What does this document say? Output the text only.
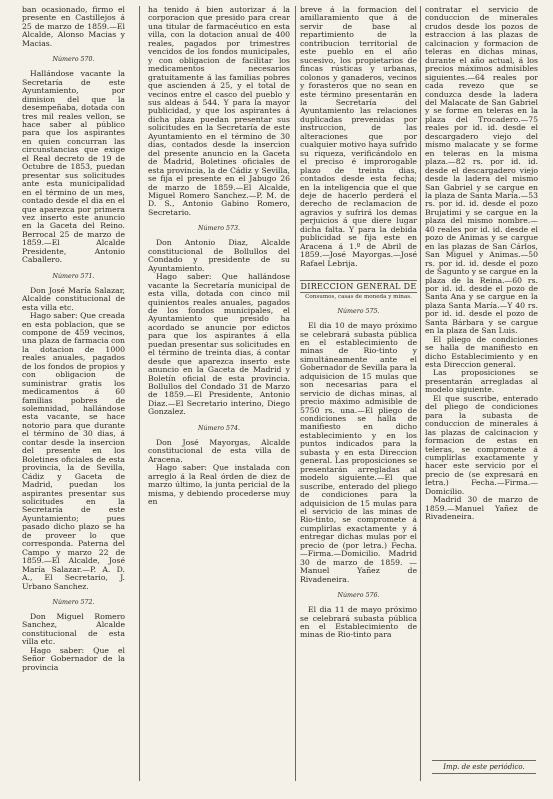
ban ocasionado, firmo el presente en Castillejos á 25 de marzo de 1859.—El Alcalde, Alonso Macias y Macias.

Número 570.

Hallándose vacante la Secretaría de este Ayuntamiento, por dimision del que la desempeñaba, dotada con tres mil reales vellon, se hace saber al público para que los aspirantes en quien concurran las circunstancias que exige el Real decreto de 19 de Octubre de 1853, puedan presentar sus solicitudes ante esta municipalidad en el término de un mes, contado desde el dia en el que aparezca por primera vez inserto este anuncio en la Gaceta del Reino. Berrocal 25 de marzo de 1859.—El Alcalde Presidente, Antonio Caballero.

Número 571.

Don José María Salazar, Alcalde constitucional de esta villa etc.

Hago saber: Que creada en esta poblacion, que se compone de 459 vecinos, una plaza de farmacia con la dotacion de 1000 reales anuales, pagados de los fondos de propios y con obligacion de suministrar gratis los medicamentos á 60 familias pobres de solemnidad, hallándose esta vacante, se hace notorio para que durante el término de 30 dias, á contar desde la insercion del presente en los Boletines oficiales de esta provincia, la de Sevilla, Cádiz y Gaceta de Madrid, puedan los aspirantes presentar sus solicitudes en la Secretaría de este Ayuntamiento; pues pasado dicho plazo se ha de proveer lo que corresponda. Paterna del Campo y marzo 22 de 1859.—El Alcalde, José María Salazar.—P. A. D. A., El Secretario, J. Urbano Sanchez.

Número 572.

Don Miguel Romero Sanchez, Alcalde constitucional de esta villa etc.

Hago saber: Que el Señor Gobernador de la provincia

ha tenido á bien autorizar á la corporacion que presido para crear una titular de farmacéutico en esta villa, con la dotacion anual de 400 reales, pagados por trimestres vencidos de los fondos municipales, y con obligacion de facilitar los medicamentos necesarios gratuitamente á las familias pobres que ascienden á 25, y el total de vecinos entre el casco del pueblo y sus aldeas á 544. Y para la mayor publicidad, y que los aspirantes á dicha plaza puedan presentar sus solicitudes en la Secretaría de este Ayuntamiento en el término de 30 dias, contados desde la insercion del presente anuncio en la Gaceta de Madrid, Boletines oficiales de esta provincia, la de Cádiz y Sevilla, se fija el presente en el Jabugo 26 de marzo de 1859.—El Alcalde, Miguel Romero Sanchez.—P. M. de D. S., Antonio Gabino Romero, Secretario.

Número 573.

Don Antonio Diaz, Alcalde constitucional de Bollullos del Condado y presidente de su Ayuntamiento.

Hago saber: Que hallándose vacante la Secretaría municipal de esta villa, dotada con cinco mil quinientos reales anuales, pagados de los fondos municipales, el Ayuntamiento que presido ha acordado se anuncie por edictos para que los aspirantes á ella puedan presentar sus solicitudes en el término de treinta dias, á contar desde que aparezca inserto este anuncio en la Gaceta de Madrid y Boletín oficial de esta provincia. Bollullos del Condado 31 de Marzo de 1859.—El Presidente, Antonio Diaz.—El Secretario interino, Diego Gonzalez.

Número 574.

Don José Mayorgas, Alcalde constitucional de esta villa de Aracena.

Hago saber: Que instalada con arreglo á la Real órden de diez de marzo último, la junta pericial de la misma, y debiendo procederse muy en

breve á la formacion del amillaramiento que á de servir de base al repartimiento de la contribucion territorial de este pueblo en el año sucesivo, los propietarios de fincas rústicas y urbanas, colonos y ganaderos, vecinos y forasteros que no sean en este término presentarán en la Secretaría del Ayuntamiento las relaciones duplicadas prevenidas por instruccion, de las alteraciones que por cualquier motivo haya sufrido su riqueza, verificándolo en el preciso é improrogable plazo de treinta dias, contados desde esta fecha; en la inteligencia que el que deje de hacerlo perderá el derecho de reclamacion de agravios y sufrirá los demas perjuicios á que diere lugar dicha falta. Y para la debida publicidad se fija este en Aracena á 1.º de Abril de 1859.—José Mayorgas.—José Rafael Lebrija.

DIRECCION GENERAL DE
Consumos, casas de moneda y minas.
Número 575.

El dia 10 de mayo próximo se celebrará subasta pública en el establecimiento de minas de Rio-tinto y simultáneamente ante el Gobernador de Sevilla para la adquisicion de 15 mulas que son necesarias para el servicio de dichas minas, al precio máximo admisible de 5750 rs. una.—El pliego de condiciones se halla de manifiesto en dicho establecimiento y en los puntos indicados para la subasta y en esta Direccion general. Las proposiciones se presentarán arregladas al modelo siguiente.—El que suscribe, enterado del pliego de condiciones para la adquisicion de 15 mulas para el servicio de las minas de Rio-tinto, se compromete á cumplirlas exactamente y á entregar dichas mulas por el precio de (por letra.) Fecha.—Firma.—Domicilio. Madrid 30 de marzo de 1859. —Manuel Yañez de Rivadeneira.

Número 576.

El dia 11 de mayo próximo se celebrará subasta pública en el Establecimiento de minas de Rio-tinto para

contratar el servicio de conduccion de minerales crudos desde los pozos de estraccion á las plazas de calcinacion y formacion de teleras en dichas minas, durante el año actual, á los precios máximos admisibles siguientes.—64 reales por cada revezo que se conduzca desde la ladera del Malacate de San Gabriel y se forme en teleras en la plaza del Trocadero.—75 reales por id. id. desde el descargadero viejo del mismo malacate y se forme en teleras en la misma plaza.—82 rs. por id. id. desde el descargadero viejo desde la ladera del mismo San Gabriel y se cargue en la plaza de Santa María.—53 rs. por id. id. desde el pozo Brujatimi y se cargue en la plaza del mismo nombre.—40 reales por id. id. desde el pozo de Animas y se cargue en las plazas de San Cárlos, San Miguel y Animas.—50 rs. por id. id. desde el pozo de Sagunto y se cargue en la plaza de la Reina.—60 rs. por id. id. desde el pozo de Santa Ana y se cargue en la plaza Santa María.—Y 40 rs. por id. id. desde el pozo de Santa Bárbara y se cargue en la plaza de San Luis.

El pliego de condiciones se halla de manifiesto en dicho Establecimiento y en esta Direccion general.

Las proposiciones se presentarán arregladas al modelo siguiente.

El que suscribe, enterado del pliego de condiciones para la subasta de conduccion de minerales á las plazas de calcinacion y formacion de estas en teleras, se compromete á cumplirlas exactamente y hacer este servicio por el precio de (se expresará en letra.) Fecha.—Firma.—Domicilio.

Madrid 30 de marzo de 1859.—Manuel Yañez de Rivadeneira.

Imp. de este periódico.
